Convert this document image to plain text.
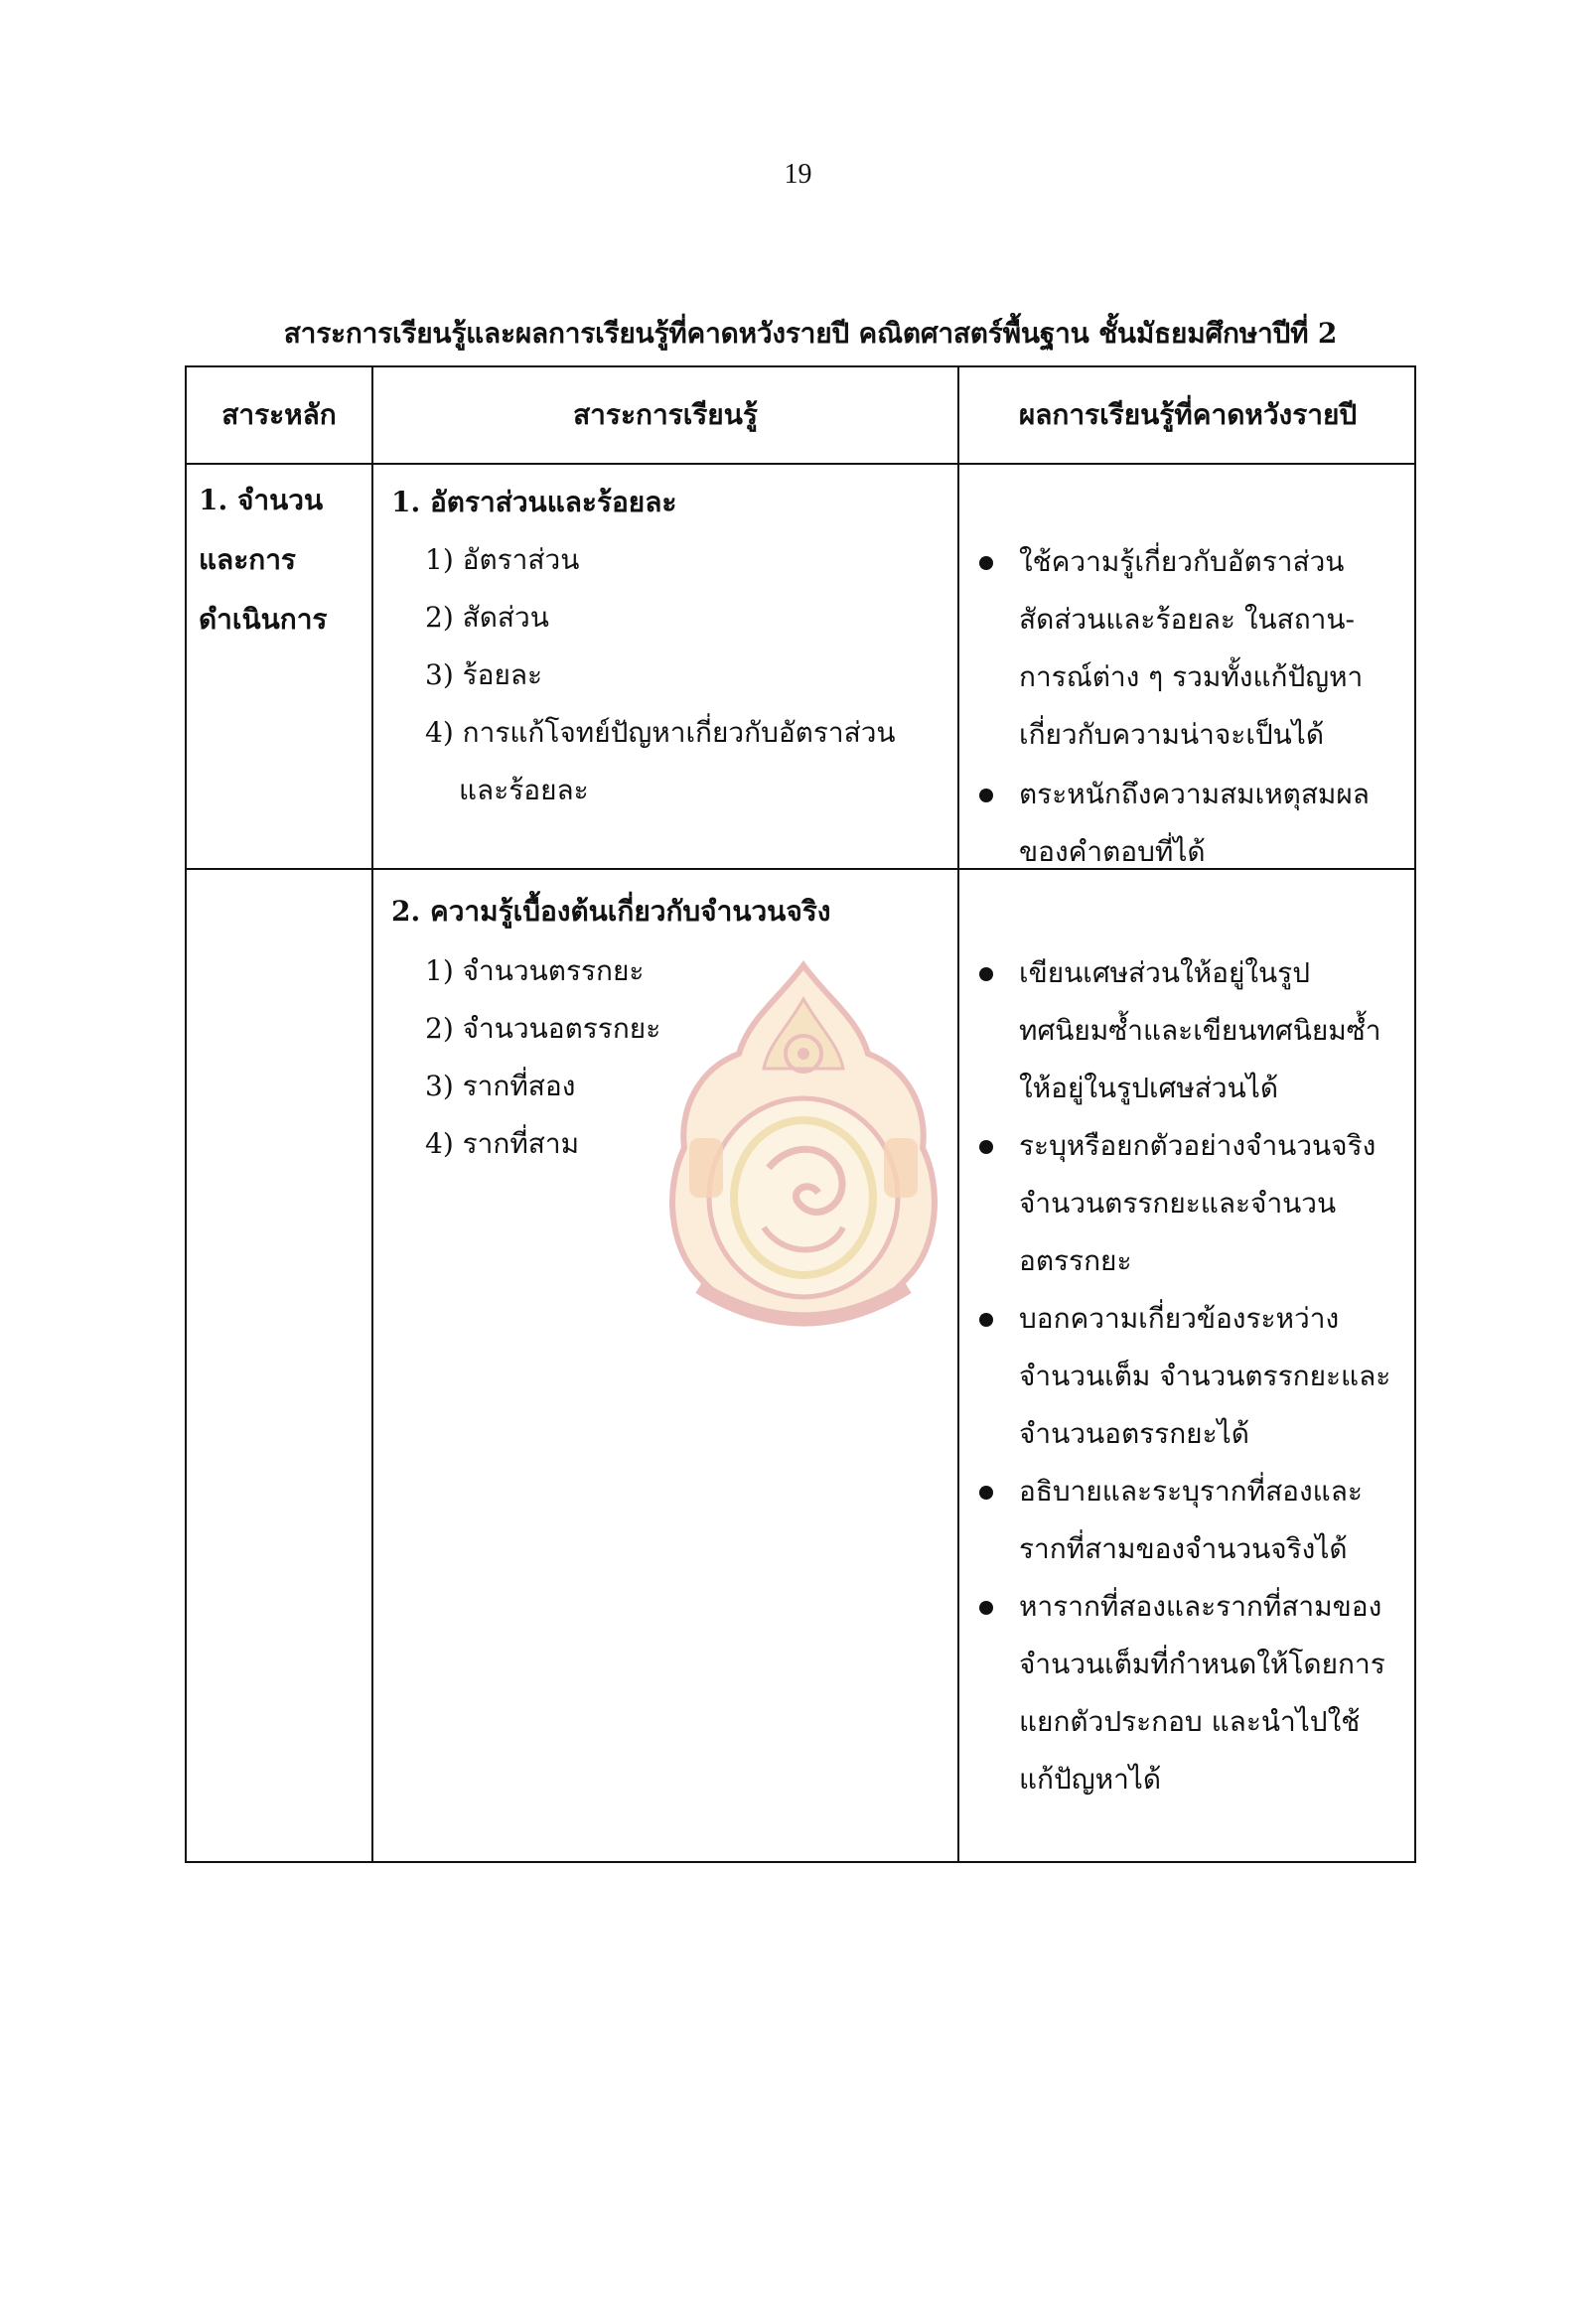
19
สาระการเรียนรู้และผลการเรียนรู้ที่คาดหวังรายปี คณิตศาสตร์พื้นฐาน ชั้นมัธยมศึกษาปีที่ 2
สาระหลัก	สาระการเรียนรู้	ผลการเรียนรู้ที่คาดหวังรายปี
1. จำนวน
และการ
ดำเนินการ
1. อัตราส่วนและร้อยละ
1) อัตราส่วน
2) สัดส่วน
3) ร้อยละ
4) การแก้โจทย์ปัญหาเกี่ยวกับอัตราส่วน
และร้อยละ
ใช้ความรู้เกี่ยวกับอัตราส่วน
สัดส่วนและร้อยละ ในสถาน-
การณ์ต่าง ๆ รวมทั้งแก้ปัญหา
เกี่ยวกับความน่าจะเป็นได้
ตระหนักถึงความสมเหตุสมผล
ของคำตอบที่ได้
2. ความรู้เบื้องต้นเกี่ยวกับจำนวนจริง
1) จำนวนตรรกยะ
2) จำนวนอตรรกยะ
3) รากที่สอง
4) รากที่สาม
เขียนเศษส่วนให้อยู่ในรูป
ทศนิยมซ้ำและเขียนทศนิยมซ้ำ
ให้อยู่ในรูปเศษส่วนได้
ระบุหรือยกตัวอย่างจำนวนจริง
จำนวนตรรกยะและจำนวน
อตรรกยะ
บอกความเกี่ยวข้องระหว่าง
จำนวนเต็ม จำนวนตรรกยะและ
จำนวนอตรรกยะได้
อธิบายและระบุรากที่สองและ
รากที่สามของจำนวนจริงได้
หารากที่สองและรากที่สามของ
จำนวนเต็มที่กำหนดให้โดยการ
แยกตัวประกอบ และนำไปใช้
แก้ปัญหาได้
